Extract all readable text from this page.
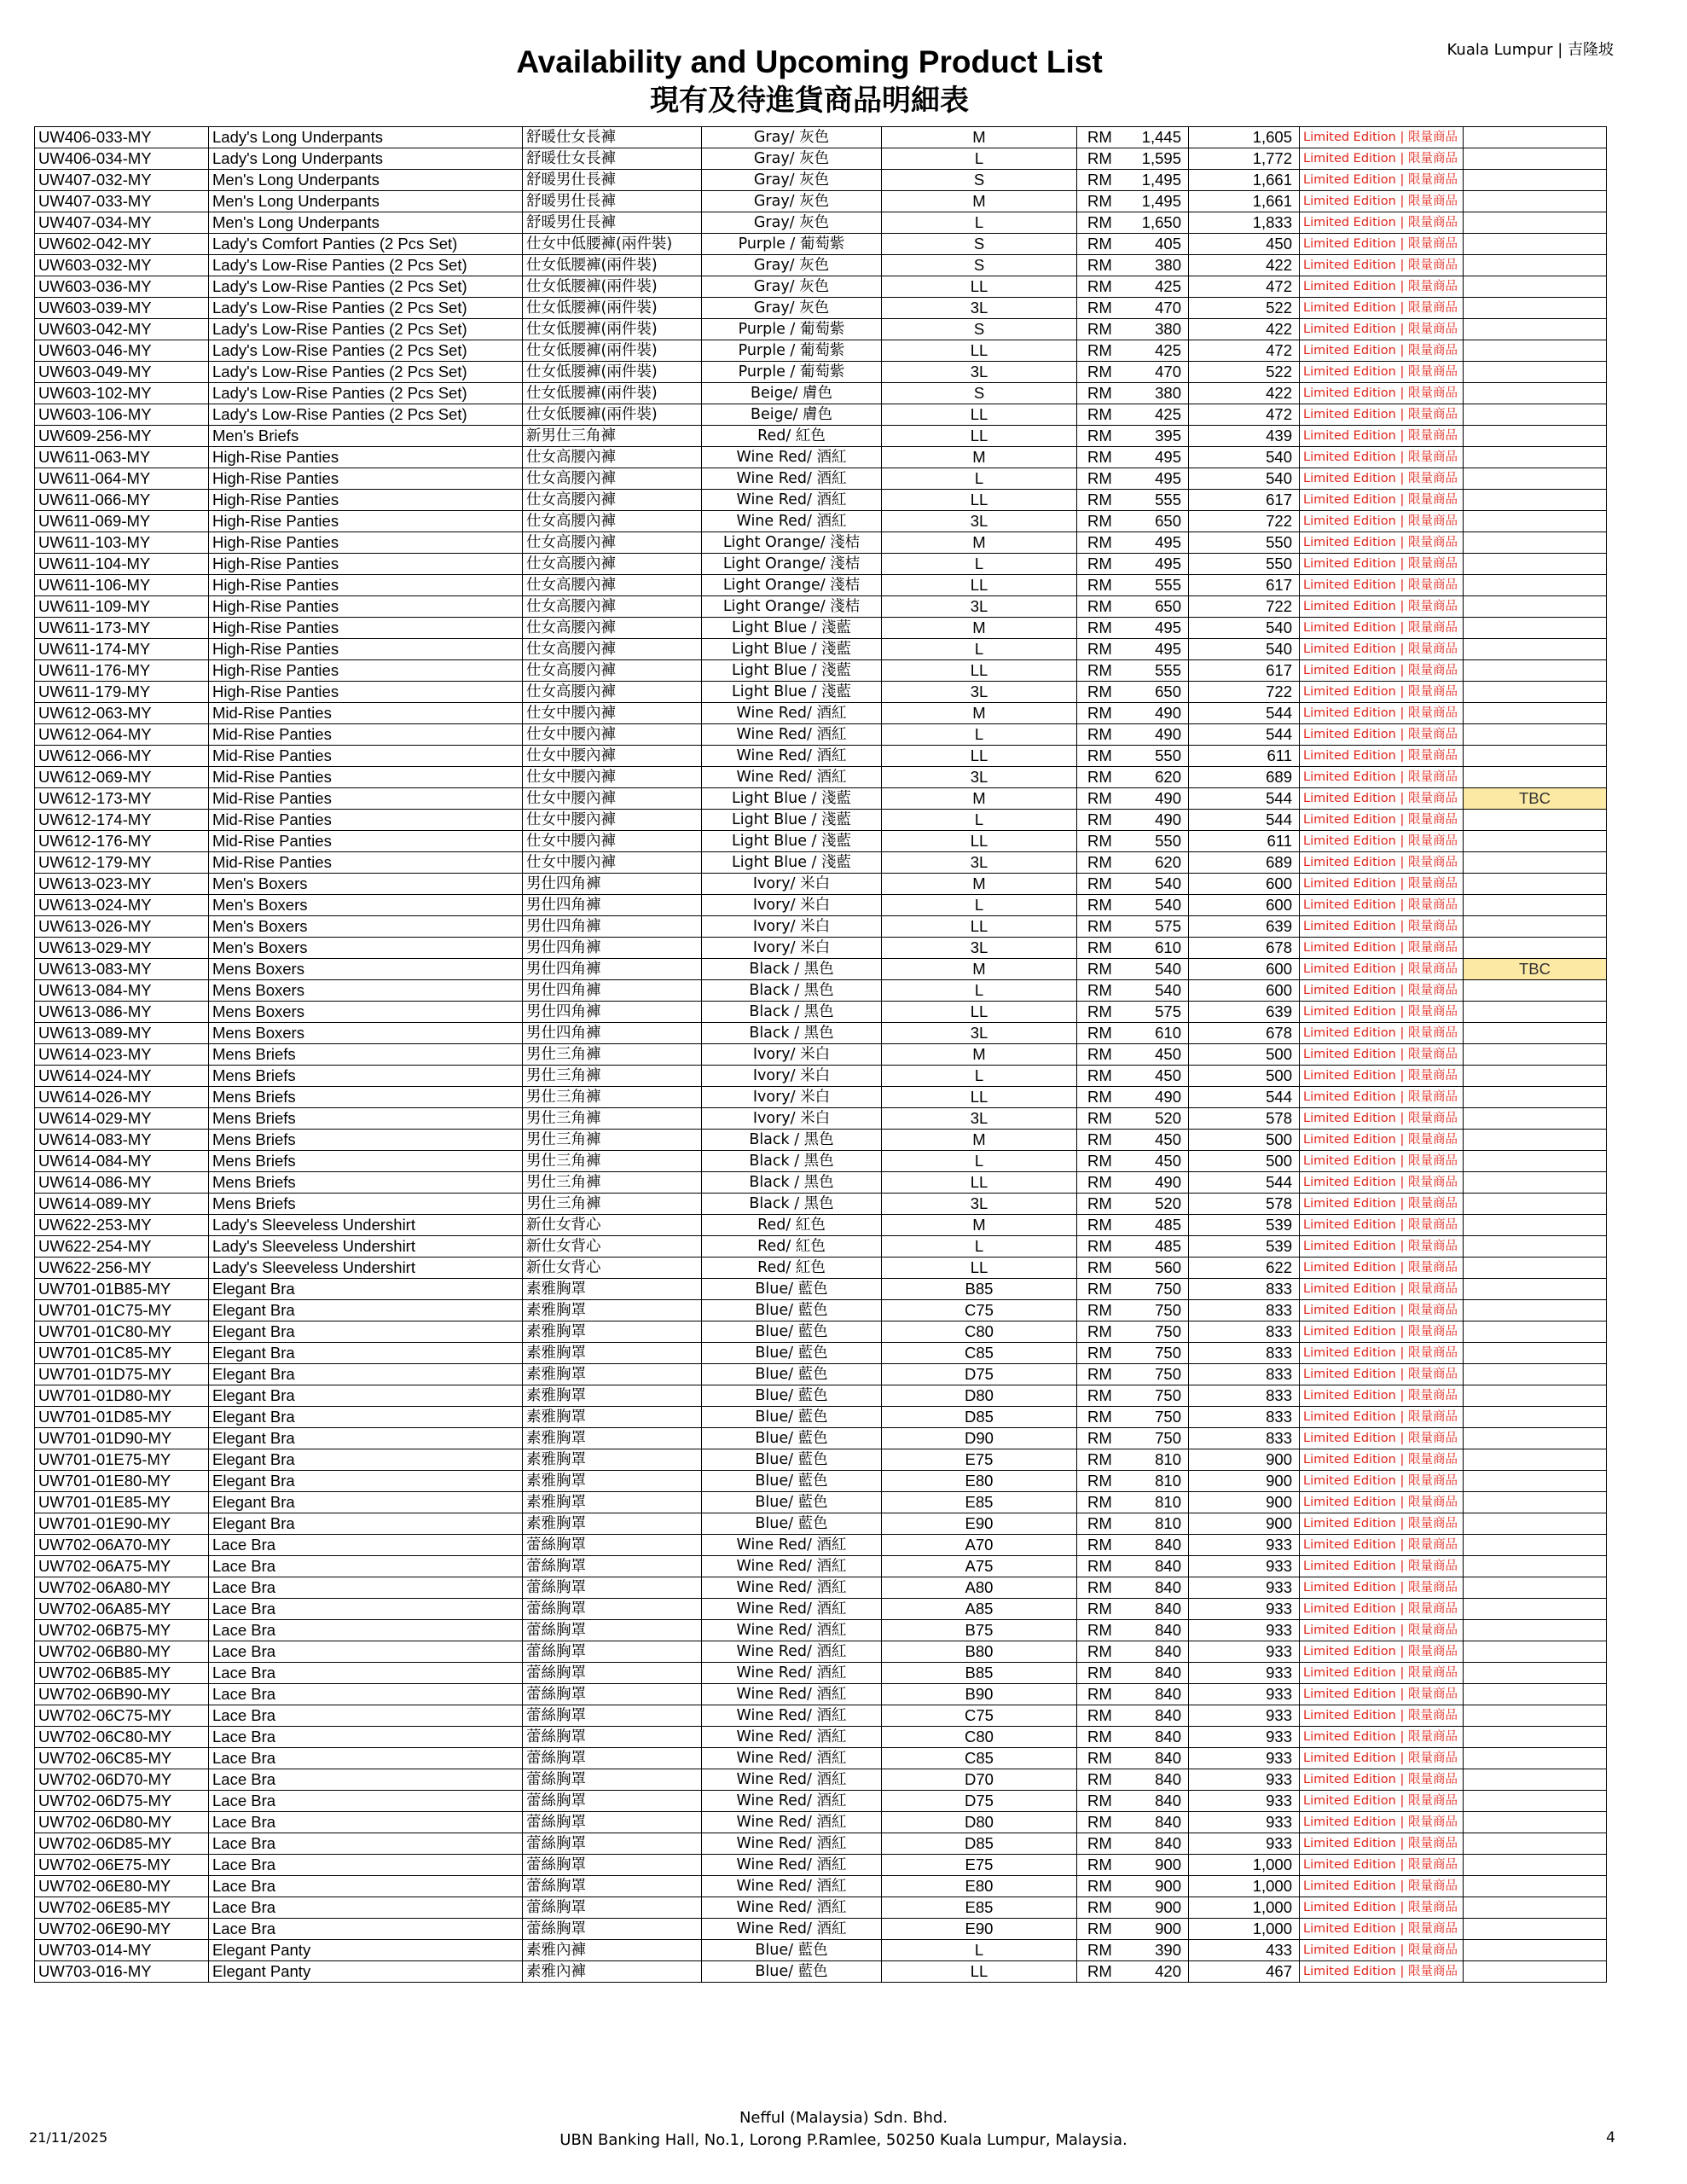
Kuala Lumpur | 吉隆坡
Availability and Upcoming Product List
現有及待進貨商品明細表
UW406-033-MY	Lady's Long Underpants	舒暖仕女長褲	Gray/ 灰色	M	RM 1,445	1,605	Limited Edition | 限量商品	
UW406-034-MY	Lady's Long Underpants	舒暖仕女長褲	Gray/ 灰色	L	RM 1,595	1,772	Limited Edition | 限量商品	
UW407-032-MY	Men's Long Underpants	舒暖男仕長褲	Gray/ 灰色	S	RM 1,495	1,661	Limited Edition | 限量商品	
UW407-033-MY	Men's Long Underpants	舒暖男仕長褲	Gray/ 灰色	M	RM 1,495	1,661	Limited Edition | 限量商品	
UW407-034-MY	Men's Long Underpants	舒暖男仕長褲	Gray/ 灰色	L	RM 1,650	1,833	Limited Edition | 限量商品	
UW602-042-MY	Lady's Comfort Panties (2 Pcs Set)	仕女中低腰褲(兩件裝)	Purple / 葡萄紫	S	RM 405	450	Limited Edition | 限量商品	
UW603-032-MY	Lady's Low-Rise Panties (2 Pcs Set)	仕女低腰褲(兩件裝)	Gray/ 灰色	S	RM 380	422	Limited Edition | 限量商品	
UW603-036-MY	Lady's Low-Rise Panties (2 Pcs Set)	仕女低腰褲(兩件裝)	Gray/ 灰色	LL	RM 425	472	Limited Edition | 限量商品	
UW603-039-MY	Lady's Low-Rise Panties (2 Pcs Set)	仕女低腰褲(兩件裝)	Gray/ 灰色	3L	RM 470	522	Limited Edition | 限量商品	
UW603-042-MY	Lady's Low-Rise Panties (2 Pcs Set)	仕女低腰褲(兩件裝)	Purple / 葡萄紫	S	RM 380	422	Limited Edition | 限量商品	
UW603-046-MY	Lady's Low-Rise Panties (2 Pcs Set)	仕女低腰褲(兩件裝)	Purple / 葡萄紫	LL	RM 425	472	Limited Edition | 限量商品	
UW603-049-MY	Lady's Low-Rise Panties (2 Pcs Set)	仕女低腰褲(兩件裝)	Purple / 葡萄紫	3L	RM 470	522	Limited Edition | 限量商品	
UW603-102-MY	Lady's Low-Rise Panties (2 Pcs Set)	仕女低腰褲(兩件裝)	Beige/ 膚色	S	RM 380	422	Limited Edition | 限量商品	
UW603-106-MY	Lady's Low-Rise Panties (2 Pcs Set)	仕女低腰褲(兩件裝)	Beige/ 膚色	LL	RM 425	472	Limited Edition | 限量商品	
UW609-256-MY	Men's Briefs	新男仕三角褲	Red/ 紅色	LL	RM 395	439	Limited Edition | 限量商品	
UW611-063-MY	High-Rise Panties	仕女高腰內褲	Wine Red/ 酒紅	M	RM 495	540	Limited Edition | 限量商品	
UW611-064-MY	High-Rise Panties	仕女高腰內褲	Wine Red/ 酒紅	L	RM 495	540	Limited Edition | 限量商品	
UW611-066-MY	High-Rise Panties	仕女高腰內褲	Wine Red/ 酒紅	LL	RM 555	617	Limited Edition | 限量商品	
UW611-069-MY	High-Rise Panties	仕女高腰內褲	Wine Red/ 酒紅	3L	RM 650	722	Limited Edition | 限量商品	
UW611-103-MY	High-Rise Panties	仕女高腰內褲	Light Orange/ 淺桔	M	RM 495	550	Limited Edition | 限量商品	
UW611-104-MY	High-Rise Panties	仕女高腰內褲	Light Orange/ 淺桔	L	RM 495	550	Limited Edition | 限量商品	
UW611-106-MY	High-Rise Panties	仕女高腰內褲	Light Orange/ 淺桔	LL	RM 555	617	Limited Edition | 限量商品	
UW611-109-MY	High-Rise Panties	仕女高腰內褲	Light Orange/ 淺桔	3L	RM 650	722	Limited Edition | 限量商品	
UW611-173-MY	High-Rise Panties	仕女高腰內褲	Light Blue / 淺藍	M	RM 495	540	Limited Edition | 限量商品	
UW611-174-MY	High-Rise Panties	仕女高腰內褲	Light Blue / 淺藍	L	RM 495	540	Limited Edition | 限量商品	
UW611-176-MY	High-Rise Panties	仕女高腰內褲	Light Blue / 淺藍	LL	RM 555	617	Limited Edition | 限量商品	
UW611-179-MY	High-Rise Panties	仕女高腰內褲	Light Blue / 淺藍	3L	RM 650	722	Limited Edition | 限量商品	
UW612-063-MY	Mid-Rise Panties	仕女中腰內褲	Wine Red/ 酒紅	M	RM 490	544	Limited Edition | 限量商品	
UW612-064-MY	Mid-Rise Panties	仕女中腰內褲	Wine Red/ 酒紅	L	RM 490	544	Limited Edition | 限量商品	
UW612-066-MY	Mid-Rise Panties	仕女中腰內褲	Wine Red/ 酒紅	LL	RM 550	611	Limited Edition | 限量商品	
UW612-069-MY	Mid-Rise Panties	仕女中腰內褲	Wine Red/ 酒紅	3L	RM 620	689	Limited Edition | 限量商品	
UW612-173-MY	Mid-Rise Panties	仕女中腰內褲	Light Blue / 淺藍	M	RM 490	544	Limited Edition | 限量商品	TBC
UW612-174-MY	Mid-Rise Panties	仕女中腰內褲	Light Blue / 淺藍	L	RM 490	544	Limited Edition | 限量商品	
UW612-176-MY	Mid-Rise Panties	仕女中腰內褲	Light Blue / 淺藍	LL	RM 550	611	Limited Edition | 限量商品	
UW612-179-MY	Mid-Rise Panties	仕女中腰內褲	Light Blue / 淺藍	3L	RM 620	689	Limited Edition | 限量商品	
UW613-023-MY	Men's Boxers	男仕四角褲	Ivory/ 米白	M	RM 540	600	Limited Edition | 限量商品	
UW613-024-MY	Men's Boxers	男仕四角褲	Ivory/ 米白	L	RM 540	600	Limited Edition | 限量商品	
UW613-026-MY	Men's Boxers	男仕四角褲	Ivory/ 米白	LL	RM 575	639	Limited Edition | 限量商品	
UW613-029-MY	Men's Boxers	男仕四角褲	Ivory/ 米白	3L	RM 610	678	Limited Edition | 限量商品	
UW613-083-MY	Mens Boxers	男仕四角褲	Black / 黑色	M	RM 540	600	Limited Edition | 限量商品	TBC
UW613-084-MY	Mens Boxers	男仕四角褲	Black / 黑色	L	RM 540	600	Limited Edition | 限量商品	
UW613-086-MY	Mens Boxers	男仕四角褲	Black / 黑色	LL	RM 575	639	Limited Edition | 限量商品	
UW613-089-MY	Mens Boxers	男仕四角褲	Black / 黑色	3L	RM 610	678	Limited Edition | 限量商品	
UW614-023-MY	Mens Briefs	男仕三角褲	Ivory/ 米白	M	RM 450	500	Limited Edition | 限量商品	
UW614-024-MY	Mens Briefs	男仕三角褲	Ivory/ 米白	L	RM 450	500	Limited Edition | 限量商品	
UW614-026-MY	Mens Briefs	男仕三角褲	Ivory/ 米白	LL	RM 490	544	Limited Edition | 限量商品	
UW614-029-MY	Mens Briefs	男仕三角褲	Ivory/ 米白	3L	RM 520	578	Limited Edition | 限量商品	
UW614-083-MY	Mens Briefs	男仕三角褲	Black / 黑色	M	RM 450	500	Limited Edition | 限量商品	
UW614-084-MY	Mens Briefs	男仕三角褲	Black / 黑色	L	RM 450	500	Limited Edition | 限量商品	
UW614-086-MY	Mens Briefs	男仕三角褲	Black / 黑色	LL	RM 490	544	Limited Edition | 限量商品	
UW614-089-MY	Mens Briefs	男仕三角褲	Black / 黑色	3L	RM 520	578	Limited Edition | 限量商品	
UW622-253-MY	Lady's Sleeveless Undershirt	新仕女背心	Red/ 紅色	M	RM 485	539	Limited Edition | 限量商品	
UW622-254-MY	Lady's Sleeveless Undershirt	新仕女背心	Red/ 紅色	L	RM 485	539	Limited Edition | 限量商品	
UW622-256-MY	Lady's Sleeveless Undershirt	新仕女背心	Red/ 紅色	LL	RM 560	622	Limited Edition | 限量商品	
UW701-01B85-MY	Elegant Bra	素雅胸罩	Blue/ 藍色	B85	RM 750	833	Limited Edition | 限量商品	
UW701-01C75-MY	Elegant Bra	素雅胸罩	Blue/ 藍色	C75	RM 750	833	Limited Edition | 限量商品	
UW701-01C80-MY	Elegant Bra	素雅胸罩	Blue/ 藍色	C80	RM 750	833	Limited Edition | 限量商品	
UW701-01C85-MY	Elegant Bra	素雅胸罩	Blue/ 藍色	C85	RM 750	833	Limited Edition | 限量商品	
UW701-01D75-MY	Elegant Bra	素雅胸罩	Blue/ 藍色	D75	RM 750	833	Limited Edition | 限量商品	
UW701-01D80-MY	Elegant Bra	素雅胸罩	Blue/ 藍色	D80	RM 750	833	Limited Edition | 限量商品	
UW701-01D85-MY	Elegant Bra	素雅胸罩	Blue/ 藍色	D85	RM 750	833	Limited Edition | 限量商品	
UW701-01D90-MY	Elegant Bra	素雅胸罩	Blue/ 藍色	D90	RM 750	833	Limited Edition | 限量商品	
UW701-01E75-MY	Elegant Bra	素雅胸罩	Blue/ 藍色	E75	RM 810	900	Limited Edition | 限量商品	
UW701-01E80-MY	Elegant Bra	素雅胸罩	Blue/ 藍色	E80	RM 810	900	Limited Edition | 限量商品	
UW701-01E85-MY	Elegant Bra	素雅胸罩	Blue/ 藍色	E85	RM 810	900	Limited Edition | 限量商品	
UW701-01E90-MY	Elegant Bra	素雅胸罩	Blue/ 藍色	E90	RM 810	900	Limited Edition | 限量商品	
UW702-06A70-MY	Lace Bra	蕾絲胸罩	Wine Red/ 酒紅	A70	RM 840	933	Limited Edition | 限量商品	
UW702-06A75-MY	Lace Bra	蕾絲胸罩	Wine Red/ 酒紅	A75	RM 840	933	Limited Edition | 限量商品	
UW702-06A80-MY	Lace Bra	蕾絲胸罩	Wine Red/ 酒紅	A80	RM 840	933	Limited Edition | 限量商品	
UW702-06A85-MY	Lace Bra	蕾絲胸罩	Wine Red/ 酒紅	A85	RM 840	933	Limited Edition | 限量商品	
UW702-06B75-MY	Lace Bra	蕾絲胸罩	Wine Red/ 酒紅	B75	RM 840	933	Limited Edition | 限量商品	
UW702-06B80-MY	Lace Bra	蕾絲胸罩	Wine Red/ 酒紅	B80	RM 840	933	Limited Edition | 限量商品	
UW702-06B85-MY	Lace Bra	蕾絲胸罩	Wine Red/ 酒紅	B85	RM 840	933	Limited Edition | 限量商品	
UW702-06B90-MY	Lace Bra	蕾絲胸罩	Wine Red/ 酒紅	B90	RM 840	933	Limited Edition | 限量商品	
UW702-06C75-MY	Lace Bra	蕾絲胸罩	Wine Red/ 酒紅	C75	RM 840	933	Limited Edition | 限量商品	
UW702-06C80-MY	Lace Bra	蕾絲胸罩	Wine Red/ 酒紅	C80	RM 840	933	Limited Edition | 限量商品	
UW702-06C85-MY	Lace Bra	蕾絲胸罩	Wine Red/ 酒紅	C85	RM 840	933	Limited Edition | 限量商品	
UW702-06D70-MY	Lace Bra	蕾絲胸罩	Wine Red/ 酒紅	D70	RM 840	933	Limited Edition | 限量商品	
UW702-06D75-MY	Lace Bra	蕾絲胸罩	Wine Red/ 酒紅	D75	RM 840	933	Limited Edition | 限量商品	
UW702-06D80-MY	Lace Bra	蕾絲胸罩	Wine Red/ 酒紅	D80	RM 840	933	Limited Edition | 限量商品	
UW702-06D85-MY	Lace Bra	蕾絲胸罩	Wine Red/ 酒紅	D85	RM 840	933	Limited Edition | 限量商品	
UW702-06E75-MY	Lace Bra	蕾絲胸罩	Wine Red/ 酒紅	E75	RM 900	1,000	Limited Edition | 限量商品	
UW702-06E80-MY	Lace Bra	蕾絲胸罩	Wine Red/ 酒紅	E80	RM 900	1,000	Limited Edition | 限量商品	
UW702-06E85-MY	Lace Bra	蕾絲胸罩	Wine Red/ 酒紅	E85	RM 900	1,000	Limited Edition | 限量商品	
UW702-06E90-MY	Lace Bra	蕾絲胸罩	Wine Red/ 酒紅	E90	RM 900	1,000	Limited Edition | 限量商品	
UW703-014-MY	Elegant Panty	素雅內褲	Blue/ 藍色	L	RM 390	433	Limited Edition | 限量商品	
UW703-016-MY	Elegant Panty	素雅內褲	Blue/ 藍色	LL	RM 420	467	Limited Edition | 限量商品	
Nefful (Malaysia) Sdn. Bhd.
UBN Banking Hall, No.1, Lorong P.Ramlee, 50250 Kuala Lumpur, Malaysia.
21/11/2025	4
